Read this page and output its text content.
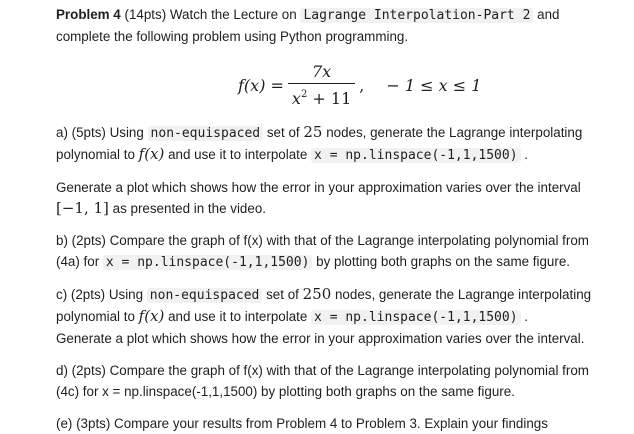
Problem 4 (14pts) Watch the Lecture on Lagrange Interpolation-Part 2 and
complete the following problem using Python programming.

$f(x) = \frac{7x}{x^2 + 11}$ , − 1 ≤ x ≤ 1

a) (5pts) Using non-equispaced set of 25 nodes, generate the Lagrange interpolating
polynomial to f(x) and use it to interpolate x = np.linspace(-1,1,1500) .

Generate a plot which shows how the error in your approximation varies over the interval
[−1, 1] as presented in the video.

b) (2pts) Compare the graph of f(x) with that of the Lagrange interpolating polynomial from
(4a) for x = np.linspace(-1,1,1500) by plotting both graphs on the same figure.

c) (2pts) Using non-equispaced set of 250 nodes, generate the Lagrange interpolating
polynomial to f(x) and use it to interpolate x = np.linspace(-1,1,1500) .
Generate a plot which shows how the error in your approximation varies over the interval.

d) (2pts) Compare the graph of f(x) with that of the Lagrange interpolating polynomial from
(4c) for x = np.linspace(-1,1,1500) by plotting both graphs on the same figure.

(e) (3pts) Compare your results from Problem 4 to Problem 3. Explain your findings
